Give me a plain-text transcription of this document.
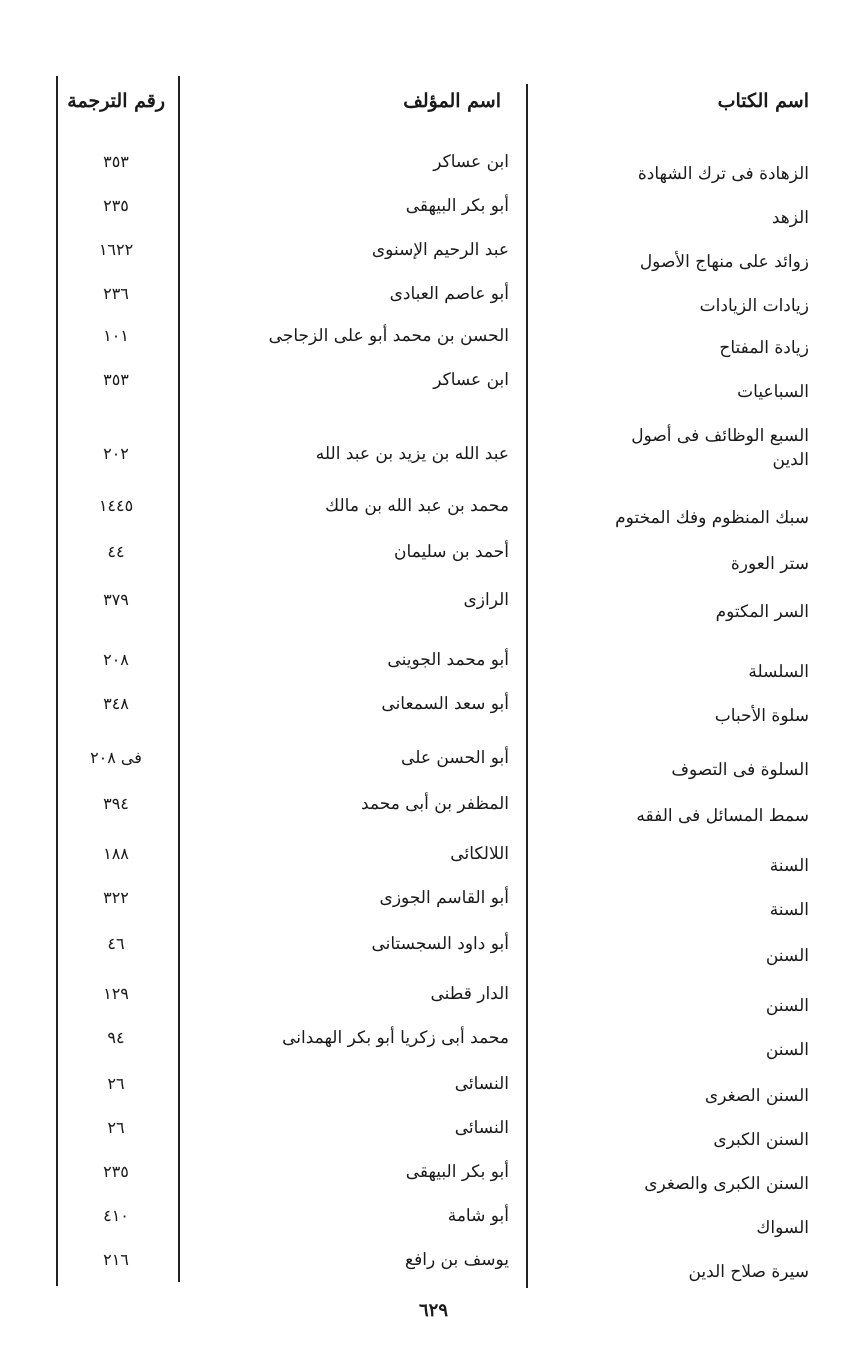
اسم الكتاب
اسم المؤلف
رقم الترجمة
الزهادة فى ترك الشهادة
ابن عساكر
٣٥٣
الزهد
أبو بكر البيهقى
٢٣٥
زوائد على منهاج الأصول
عبد الرحيم الإسنوى
١٦٢٢
زيادات الزيادات
أبو عاصم العبادى
٢٣٦
زيادة المفتاح
الحسن بن محمد أبو على الزجاجى
١٠١
السباعيات
ابن عساكر
٣٥٣
السبع الوظائف فى أصول الدين
عبد الله بن يزيد بن عبد الله
٢٠٢
سبك المنظوم وفك المختوم
محمد بن عبد الله بن مالك
١٤٤٥
ستر العورة
أحمد بن سليمان
٤٤
السر المكتوم
الرازى
٣٧٩
السلسلة
أبو محمد الجوينى
٢٠٨
سلوة الأحباب
أبو سعد السمعانى
٣٤٨
السلوة فى التصوف
أبو الحسن على
فى ٢٠٨
سمط المسائل فى الفقه
المظفر بن أبى محمد
٣٩٤
السنة
اللالكائى
١٨٨
السنة
أبو القاسم الجوزى
٣٢٢
السنن
أبو داود السجستانى
٤٦
السنن
الدار قطنى
١٢٩
السنن
محمد أبى زكريا أبو بكر الهمدانى
٩٤
السنن الصغرى
النسائى
٢٦
السنن الكبرى
النسائى
٢٦
السنن الكبرى والصغرى
أبو بكر البيهقى
٢٣٥
السواك
أبو شامة
٤١٠
سيرة صلاح الدين
يوسف بن رافع
٢١٦
٦٢٩
